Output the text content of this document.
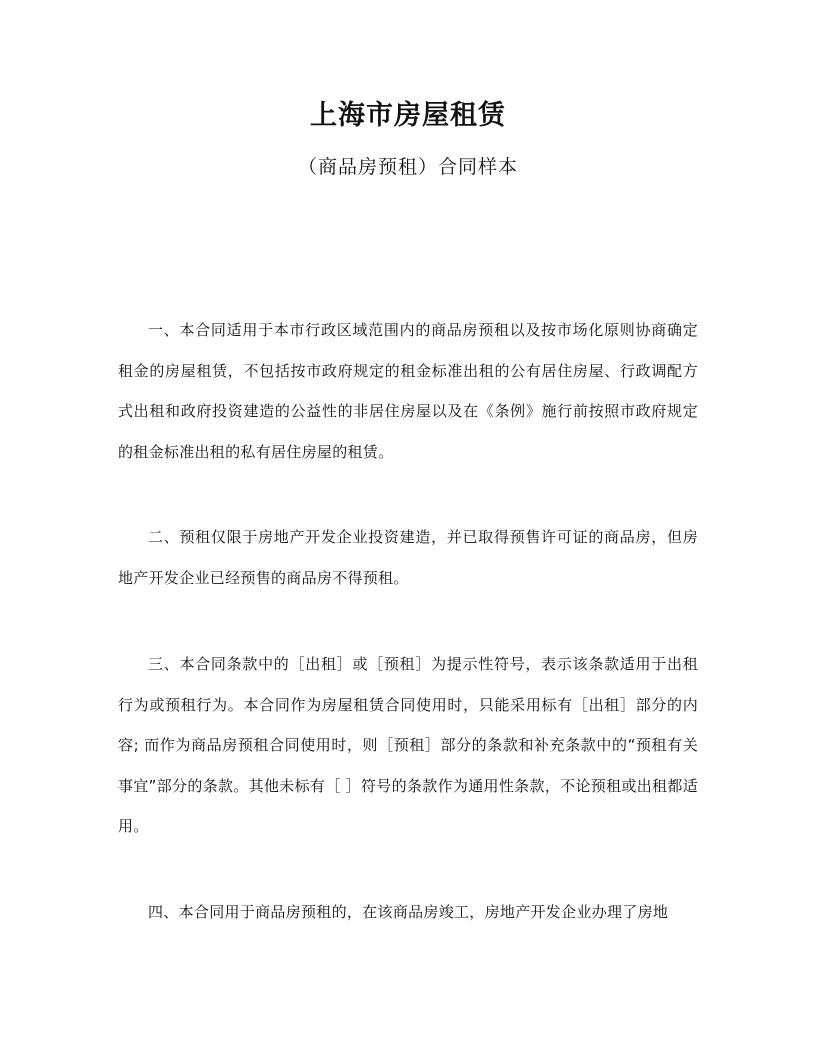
上海市房屋租赁
（商品房预租）合同样本

一、本合同适用于本市行政区域范围内的商品房预租以及按市场化原则协商确定租金的房屋租赁，不包括按市政府规定的租金标准出租的公有居住房屋、行政调配方式出租和政府投资建造的公益性的非居住房屋以及在《条例》施行前按照市政府规定的租金标准出租的私有居住房屋的租赁。

二、预租仅限于房地产开发企业投资建造，并已取得预售许可证的商品房，但房地产开发企业已经预售的商品房不得预租。

三、本合同条款中的［出租］或［预租］为提示性符号，表示该条款适用于出租行为或预租行为。本合同作为房屋租赁合同使用时，只能采用标有［出租］部分的内容; 而作为商品房预租合同使用时，则［预租］部分的条款和补充条款中的“预租有关事宜”部分的条款。其他未标有［ ］符号的条款作为通用性条款，不论预租或出租都适用。

四、本合同用于商品房预租的，在该商品房竣工，房地产开发企业办理了房地
